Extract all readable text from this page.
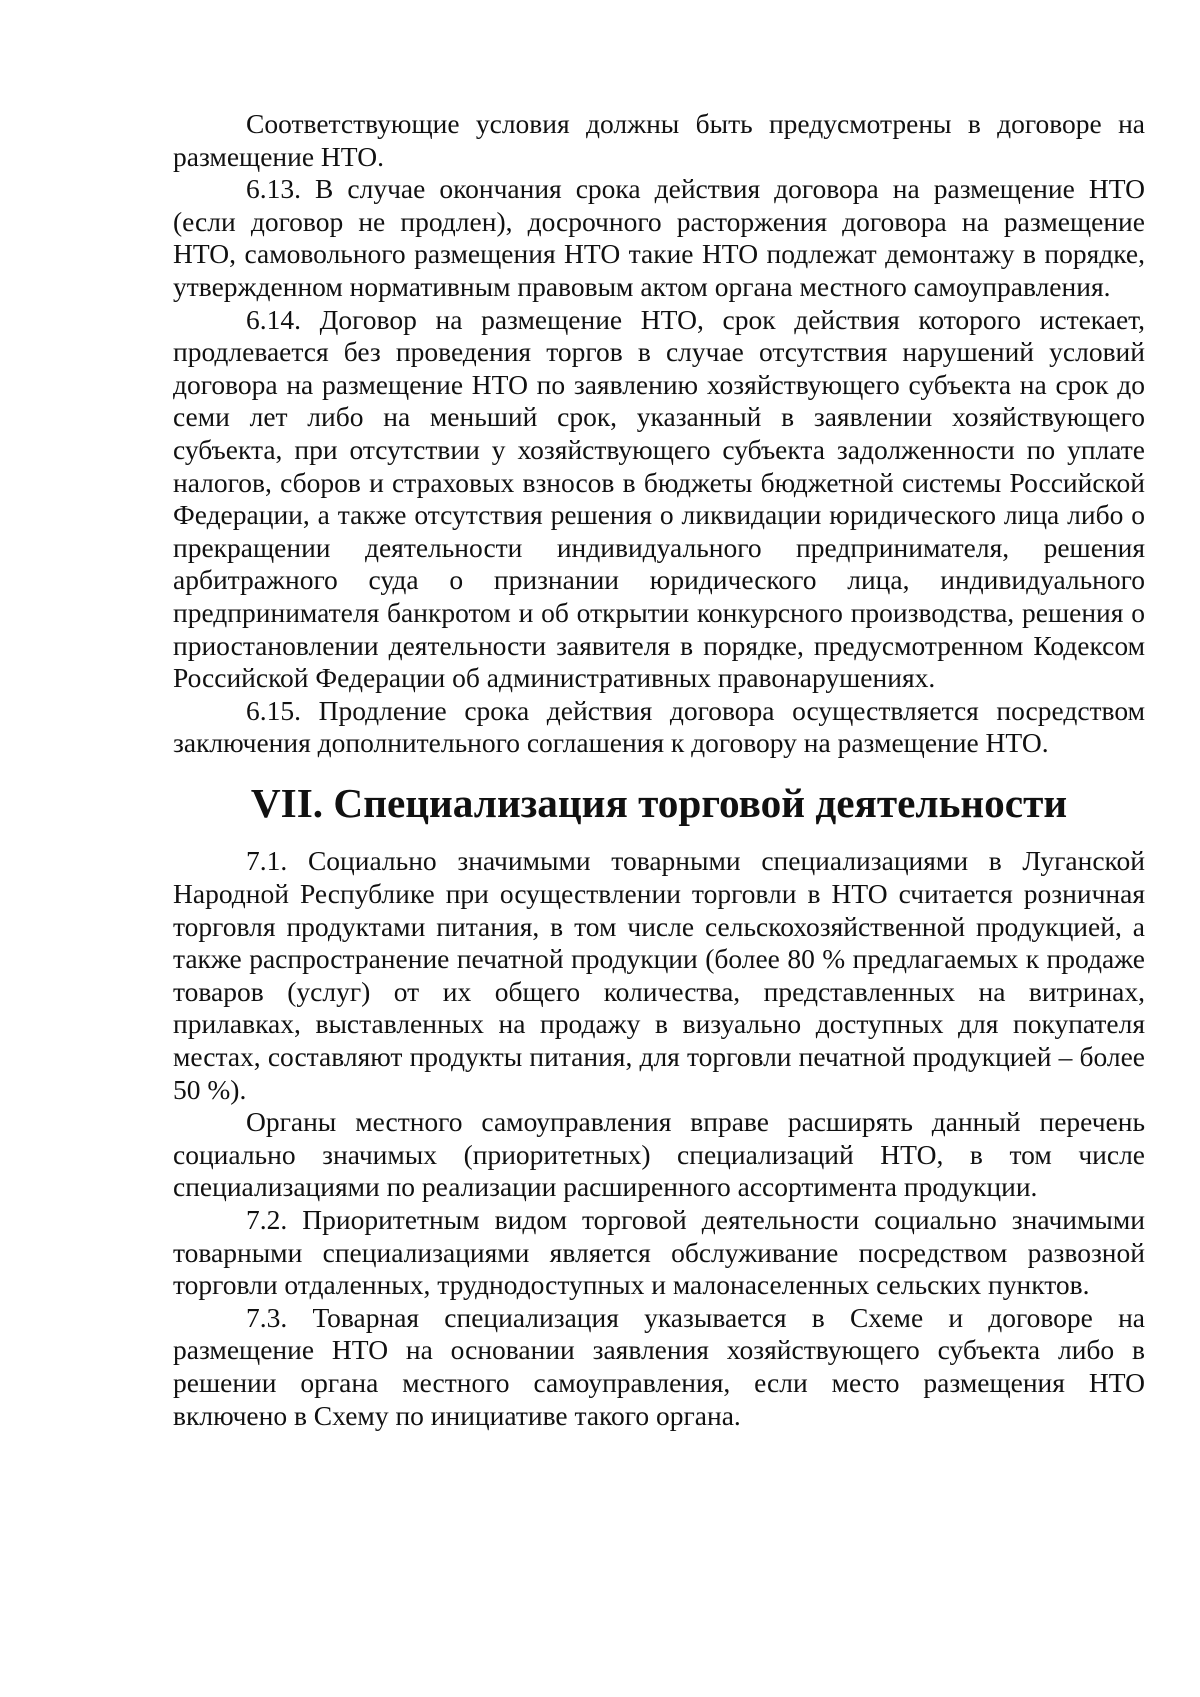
Соответствующие условия должны быть предусмотрены в договоре на размещение НТО.

6.13. В случае окончания срока действия договора на размещение НТО (если договор не продлен), досрочного расторжения договора на размещение НТО, самовольного размещения НТО такие НТО подлежат демонтажу в порядке, утвержденном нормативным правовым актом органа местного самоуправления.

6.14. Договор на размещение НТО, срок действия которого истекает, продлевается без проведения торгов в случае отсутствия нарушений условий договора на размещение НТО по заявлению хозяйствующего субъекта на срок до семи лет либо на меньший срок, указанный в заявлении хозяйствующего субъекта, при отсутствии у хозяйствующего субъекта задолженности по уплате налогов, сборов и страховых взносов в бюджеты бюджетной системы Российской Федерации, а также отсутствия решения о ликвидации юридического лица либо о прекращении деятельности индивидуального предпринимателя, решения арбитражного суда о признании юридического лица, индивидуального предпринимателя банкротом и об открытии конкурсного производства, решения о приостановлении деятельности заявителя в порядке, предусмотренном Кодексом Российской Федерации об административных правонарушениях.

6.15. Продление срока действия договора осуществляется посредством заключения дополнительного соглашения к договору на размещение НТО.

VII. Специализация торговой деятельности

7.1. Социально значимыми товарными специализациями в Луганской Народной Республике при осуществлении торговли в НТО считается розничная торговля продуктами питания, в том числе сельскохозяйственной продукцией, а также распространение печатной продукции (более 80 % предлагаемых к продаже товаров (услуг) от их общего количества, представленных на витринах, прилавках, выставленных на продажу в визуально доступных для покупателя местах, составляют продукты питания, для торговли печатной продукцией – более 50 %).

Органы местного самоуправления вправе расширять данный перечень социально значимых (приоритетных) специализаций НТО, в том числе специализациями по реализации расширенного ассортимента продукции.

7.2. Приоритетным видом торговой деятельности социально значимыми товарными специализациями является обслуживание посредством развозной торговли отдаленных, труднодоступных и малонаселенных сельских пунктов.

7.3. Товарная специализация указывается в Схеме и договоре на размещение НТО на основании заявления хозяйствующего субъекта либо в решении органа местного самоуправления, если место размещения НТО включено в Схему по инициативе такого органа.
